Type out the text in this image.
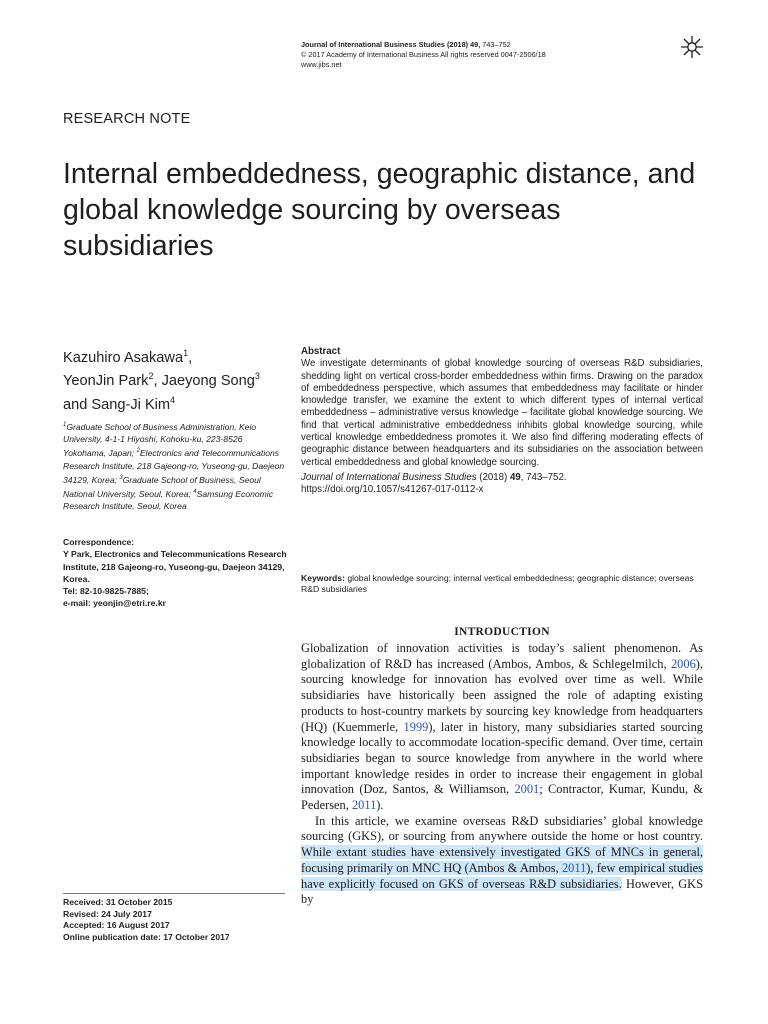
Journal of International Business Studies (2018) 49, 743–752
© 2017 Academy of International Business All rights reserved 0047-2506/18
www.jibs.net
RESEARCH NOTE
Internal embeddedness, geographic distance, and global knowledge sourcing by overseas subsidiaries
Kazuhiro Asakawa$^1$,
YeonJin Park$^2$, Jaeyong Song$^3$
and Sang-Ji Kim$^4$
$^1$Graduate School of Business Administration, Keio University, 4-1-1 Hiyoshi, Kohoku-ku, 223-8526 Yokohama, Japan; $^2$Electronics and Telecommunications Research Institute, 218 Gajeong-ro, Yuseong-gu, Daejeon 34129, Korea; $^3$Graduate School of Business, Seoul National University, Seoul, Korea; $^4$Samsung Economic Research Institute, Seoul, Korea
Correspondence:
Y Park, Electronics and Telecommunications Research Institute, 218 Gajeong-ro, Yuseong-gu, Daejeon 34129, Korea.
Tel: 82-10-9825-7885;
e-mail: yeonjin@etri.re.kr
Abstract
We investigate determinants of global knowledge sourcing of overseas R&D subsidiaries, shedding light on vertical cross-border embeddedness within firms. Drawing on the paradox of embeddedness perspective, which assumes that embeddedness may facilitate or hinder knowledge transfer, we examine the extent to which different types of internal vertical embeddedness – administrative versus knowledge – facilitate global knowledge sourcing. We find that vertical administrative embeddedness inhibits global knowledge sourcing, while vertical knowledge embeddedness promotes it. We also find differing moderating effects of geographic distance between headquarters and its subsidiaries on the association between vertical embeddedness and global knowledge sourcing.
Journal of International Business Studies (2018) 49, 743–752.
https://doi.org/10.1057/s41267-017-0112-x
Keywords: global knowledge sourcing; internal vertical embeddedness; geographic distance; overseas R&D subsidiaries
INTRODUCTION

Globalization of innovation activities is today’s salient phenomenon. As globalization of R&D has increased (Ambos, Ambos, & Schlegelmilch, 2006), sourcing knowledge for innovation has evolved over time as well. While subsidiaries have historically been assigned the role of adapting existing products to host-country markets by sourcing key knowledge from headquarters (HQ) (Kuemmerle, 1999), later in history, many subsidiaries started sourcing knowledge locally to accommodate location-specific demand. Over time, certain subsidiaries began to source knowledge from anywhere in the world where important knowledge resides in order to increase their engagement in global innovation (Doz, Santos, & Williamson, 2001; Contractor, Kumar, Kundu, & Pedersen, 2011).

In this article, we examine overseas R&D subsidiaries’ global knowledge sourcing (GKS), or sourcing from anywhere outside the home or host country. While extant studies have extensively investigated GKS of MNCs in general, focusing primarily on MNC HQ (Ambos & Ambos, 2011), few empirical studies have explicitly focused on GKS of overseas R&D subsidiaries. However, GKS by

Received: 31 October 2015
Revised: 24 July 2017
Accepted: 16 August 2017
Online publication date: 17 October 2017
